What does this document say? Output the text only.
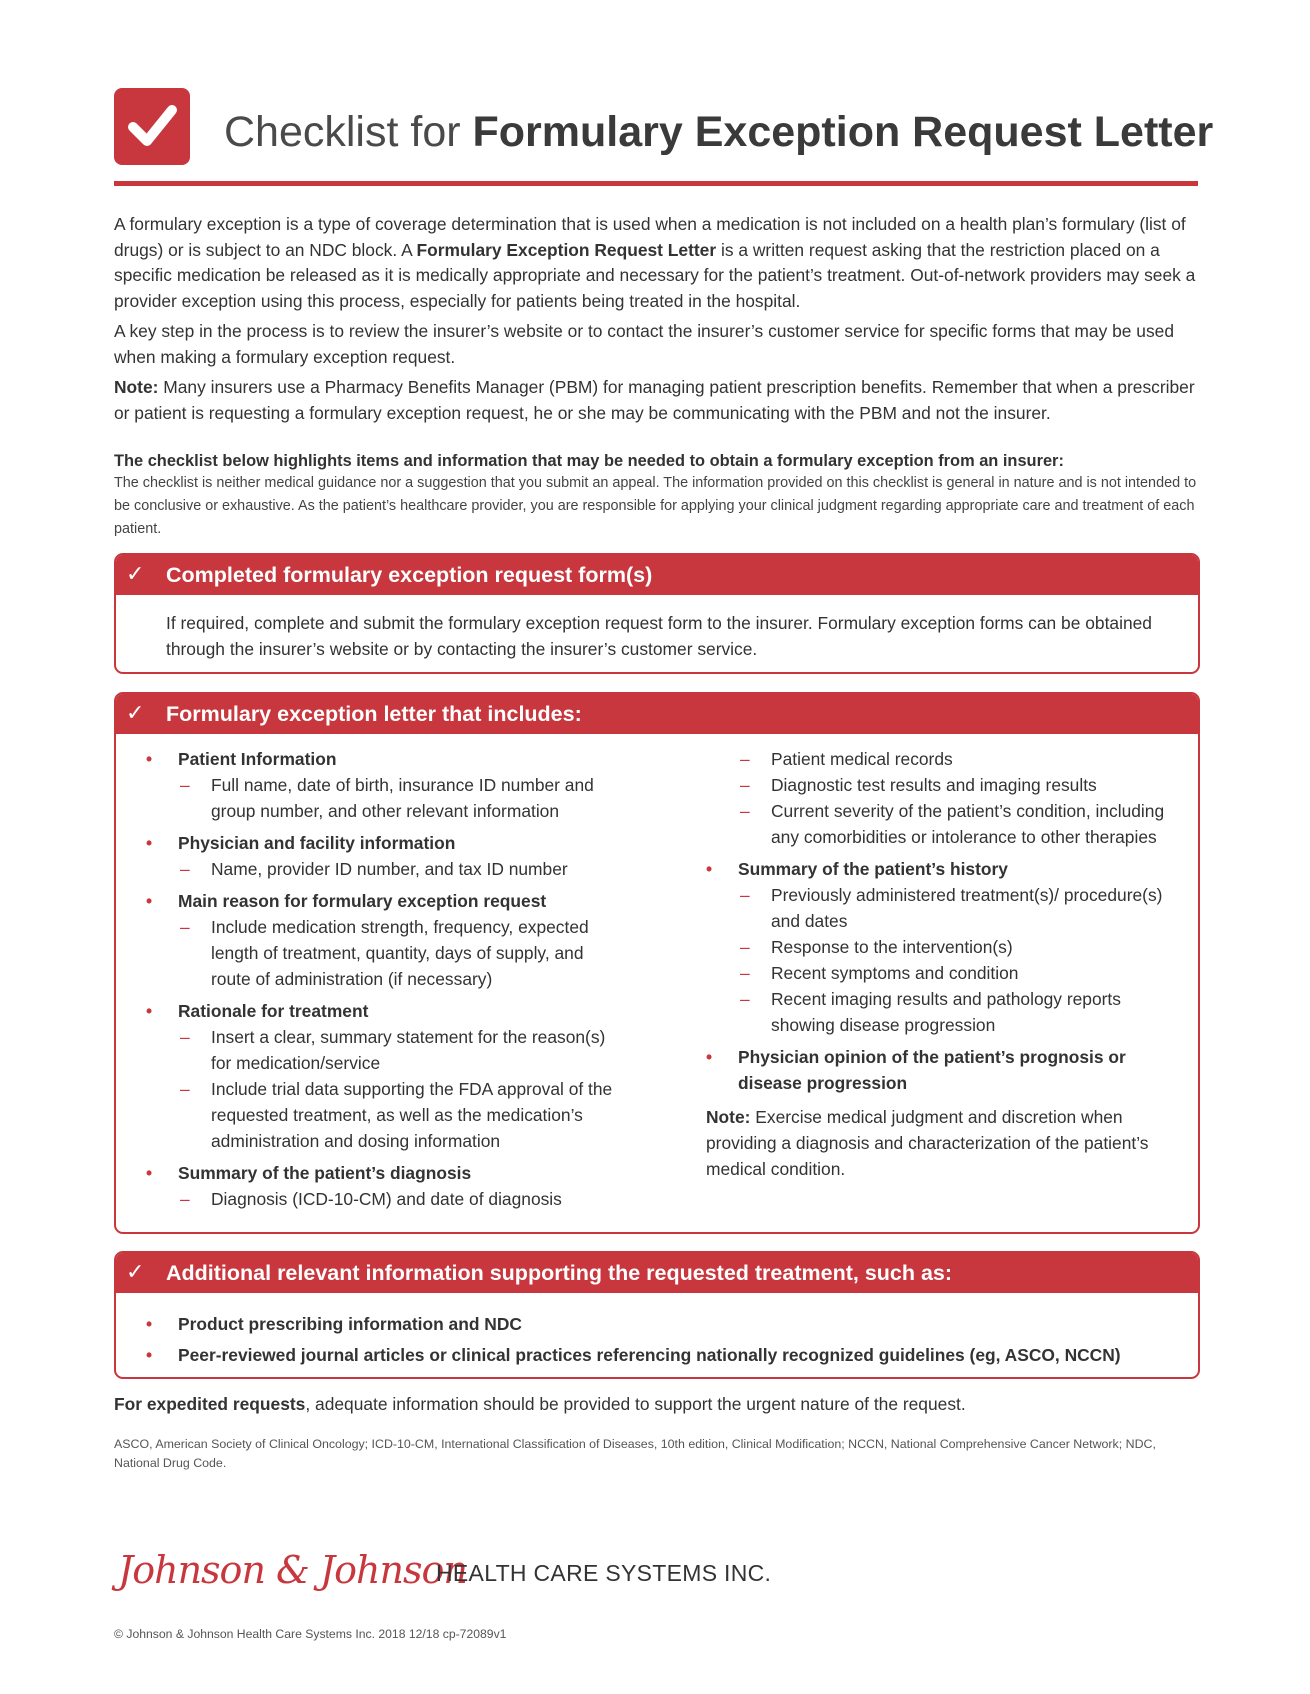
Checklist for Formulary Exception Request Letter

A formulary exception is a type of coverage determination that is used when a medication is not included on a health plan’s formulary (list of drugs) or is subject to an NDC block. A Formulary Exception Request Letter is a written request asking that the restriction placed on a specific medication be released as it is medically appropriate and necessary for the patient’s treatment. Out-of-network providers may seek a provider exception using this process, especially for patients being treated in the hospital.

A key step in the process is to review the insurer’s website or to contact the insurer’s customer service for specific forms that may be used when making a formulary exception request.

Note: Many insurers use a Pharmacy Benefits Manager (PBM) for managing patient prescription benefits. Remember that when a prescriber or patient is requesting a formulary exception request, he or she may be communicating with the PBM and not the insurer.

The checklist below highlights items and information that may be needed to obtain a formulary exception from an insurer:

The checklist is neither medical guidance nor a suggestion that you submit an appeal. The information provided on this checklist is general in nature and is not intended to be conclusive or exhaustive. As the patient’s healthcare provider, you are responsible for applying your clinical judgment regarding appropriate care and treatment of each patient.

✓ Completed formulary exception request form(s)
If required, complete and submit the formulary exception request form to the insurer. Formulary exception forms can be obtained through the insurer’s website or by contacting the insurer’s customer service.
✓ Formulary exception letter that includes:
• Patient Information
– Full name, date of birth, insurance ID number and group number, and other relevant information
• Physician and facility information
– Name, provider ID number, and tax ID number
• Main reason for formulary exception request
– Include medication strength, frequency, expected length of treatment, quantity, days of supply, and route of administration (if necessary)
• Rationale for treatment
– Insert a clear, summary statement for the reason(s) for medication/service
– Include trial data supporting the FDA approval of the requested treatment, as well as the medication’s administration and dosing information
• Summary of the patient’s diagnosis
– Diagnosis (ICD-10-CM) and date of diagnosis
– Patient medical records
– Diagnostic test results and imaging results
– Current severity of the patient’s condition, including any comorbidities or intolerance to other therapies
• Summary of the patient’s history
– Previously administered treatment(s)/ procedure(s) and dates
– Response to the intervention(s)
– Recent symptoms and condition
– Recent imaging results and pathology reports showing disease progression
• Physician opinion of the patient’s prognosis or disease progression
Note: Exercise medical judgment and discretion when providing a diagnosis and characterization of the patient’s medical condition.
✓ Additional relevant information supporting the requested treatment, such as:
• Product prescribing information and NDC
• Peer-reviewed journal articles or clinical practices referencing nationally recognized guidelines (eg, ASCO, NCCN)
For expedited requests, adequate information should be provided to support the urgent nature of the request.
ASCO, American Society of Clinical Oncology; ICD-10-CM, International Classification of Diseases, 10th edition, Clinical Modification; NCCN, National Comprehensive Cancer Network; NDC, National Drug Code.
Johnson & Johnson
HEALTH CARE SYSTEMS INC.
© Johnson & Johnson Health Care Systems Inc. 2018 12/18 cp-72089v1
